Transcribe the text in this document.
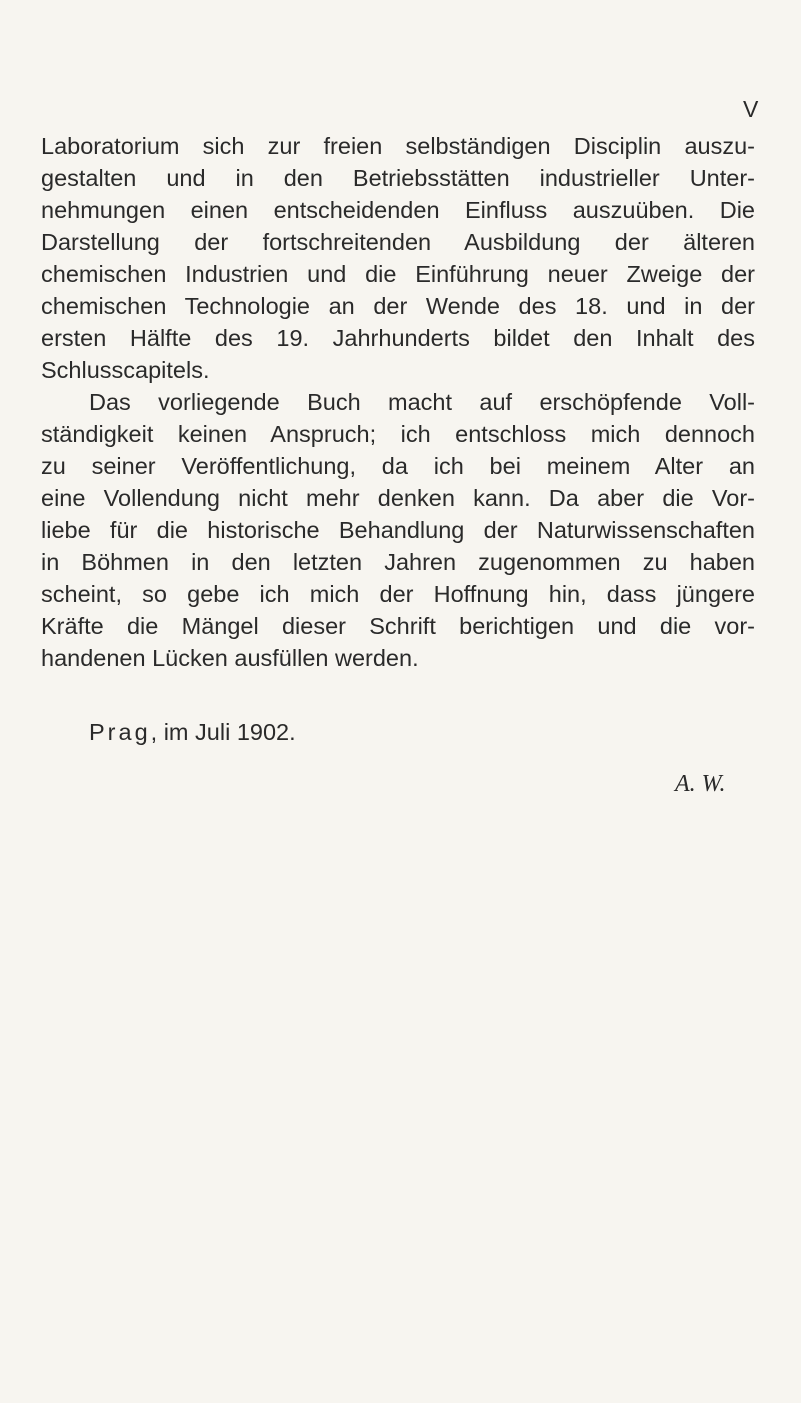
V
Laboratorium sich zur freien selbständigen Disciplin auszu-
gestalten und in den Betriebsstätten industrieller Unter-
nehmungen einen entscheidenden Einfluss auszuüben. Die
Darstellung der fortschreitenden Ausbildung der älteren
chemischen Industrien und die Einführung neuer Zweige der
chemischen Technologie an der Wende des 18. und in der
ersten Hälfte des 19. Jahrhunderts bildet den Inhalt des
Schlusscapitels.
Das vorliegende Buch macht auf erschöpfende Voll-
ständigkeit keinen Anspruch; ich entschloss mich dennoch
zu seiner Veröffentlichung, da ich bei meinem Alter an
eine Vollendung nicht mehr denken kann. Da aber die Vor-
liebe für die historische Behandlung der Naturwissenschaften
in Böhmen in den letzten Jahren zugenommen zu haben
scheint, so gebe ich mich der Hoffnung hin, dass jüngere
Kräfte die Mängel dieser Schrift berichtigen und die vor-
handenen Lücken ausfüllen werden.
Prag, im Juli 1902.
A. W.
